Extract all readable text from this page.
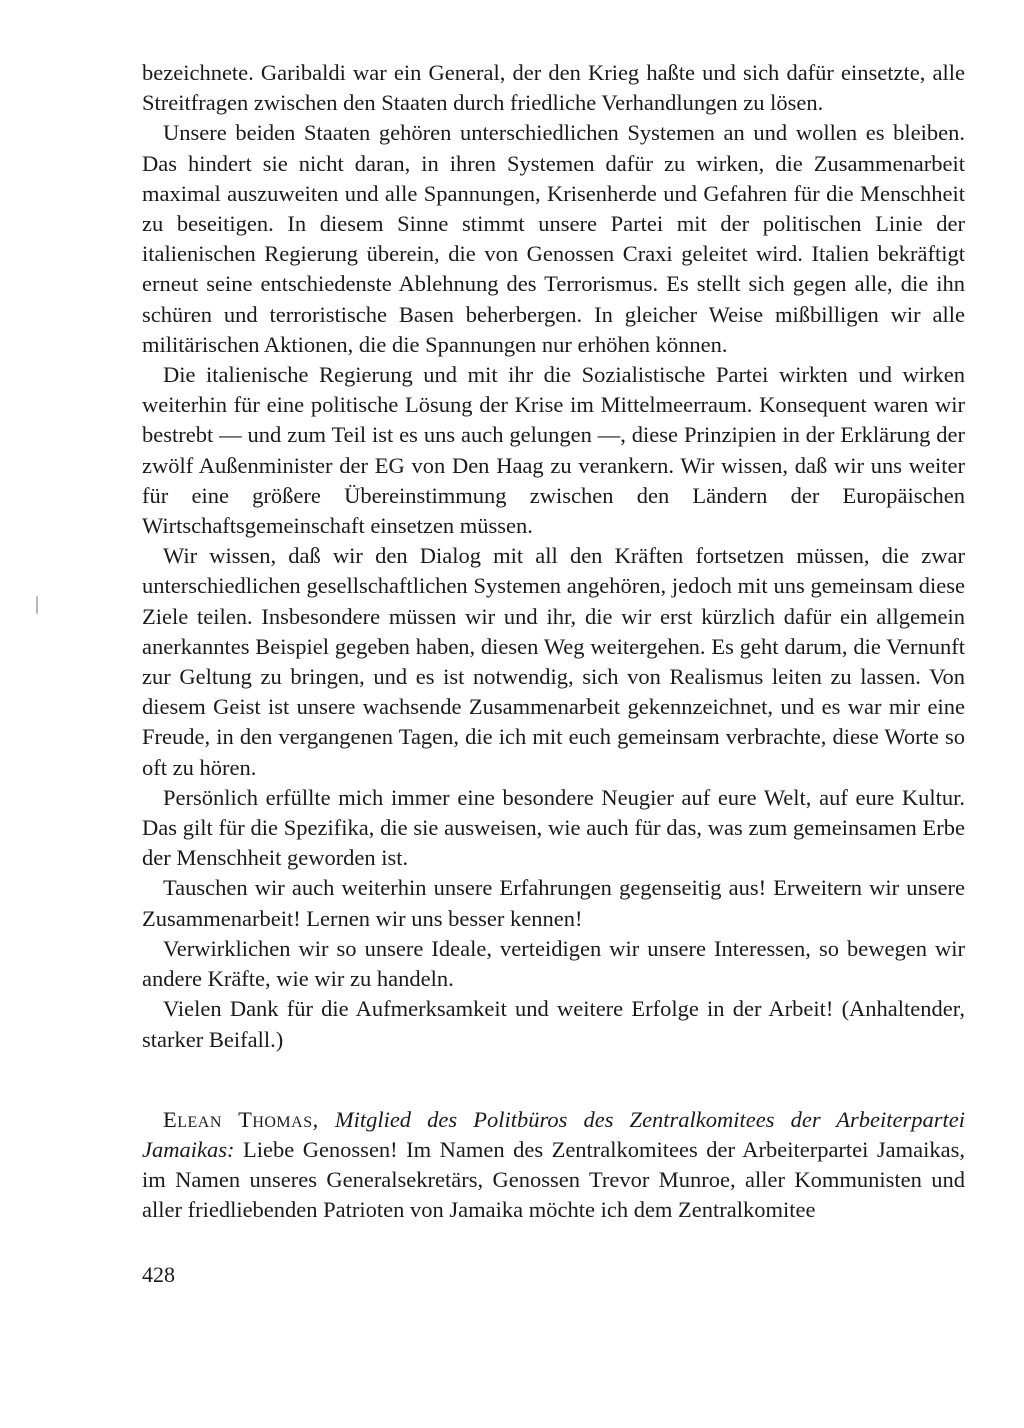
bezeichnete. Garibaldi war ein General, der den Krieg haßte und sich dafür einsetzte, alle Streitfragen zwischen den Staaten durch friedliche Verhandlungen zu lösen.

Unsere beiden Staaten gehören unterschiedlichen Systemen an und wollen es bleiben. Das hindert sie nicht daran, in ihren Systemen dafür zu wirken, die Zusammenarbeit maximal auszuweiten und alle Spannungen, Krisenherde und Gefahren für die Menschheit zu beseitigen. In diesem Sinne stimmt unsere Partei mit der politischen Linie der italienischen Regierung überein, die von Genossen Craxi geleitet wird. Italien bekräftigt erneut seine entschiedenste Ablehnung des Terrorismus. Es stellt sich gegen alle, die ihn schüren und terroristische Basen beherbergen. In gleicher Weise mißbilligen wir alle militärischen Aktionen, die die Spannungen nur erhöhen können.

Die italienische Regierung und mit ihr die Sozialistische Partei wirkten und wirken weiterhin für eine politische Lösung der Krise im Mittelmeerraum. Konsequent waren wir bestrebt — und zum Teil ist es uns auch gelungen —, diese Prinzipien in der Erklärung der zwölf Außenminister der EG von Den Haag zu verankern. Wir wissen, daß wir uns weiter für eine größere Übereinstimmung zwischen den Ländern der Europäischen Wirtschaftsgemeinschaft einsetzen müssen.

Wir wissen, daß wir den Dialog mit all den Kräften fortsetzen müssen, die zwar unterschiedlichen gesellschaftlichen Systemen angehören, jedoch mit uns gemeinsam diese Ziele teilen. Insbesondere müssen wir und ihr, die wir erst kürzlich dafür ein allgemein anerkanntes Beispiel gegeben haben, diesen Weg weitergehen. Es geht darum, die Vernunft zur Geltung zu bringen, und es ist notwendig, sich von Realismus leiten zu lassen. Von diesem Geist ist unsere wachsende Zusammenarbeit gekennzeichnet, und es war mir eine Freude, in den vergangenen Tagen, die ich mit euch gemeinsam verbrachte, diese Worte so oft zu hören.

Persönlich erfüllte mich immer eine besondere Neugier auf eure Welt, auf eure Kultur. Das gilt für die Spezifika, die sie ausweisen, wie auch für das, was zum gemeinsamen Erbe der Menschheit geworden ist.

Tauschen wir auch weiterhin unsere Erfahrungen gegenseitig aus! Erweitern wir unsere Zusammenarbeit! Lernen wir uns besser kennen!

Verwirklichen wir so unsere Ideale, verteidigen wir unsere Interessen, so bewegen wir andere Kräfte, wie wir zu handeln.

Vielen Dank für die Aufmerksamkeit und weitere Erfolge in der Arbeit! (Anhaltender, starker Beifall.)

Elean Thomas, Mitglied des Politbüros des Zentralkomitees der Arbeiterpartei Jamaikas: Liebe Genossen! Im Namen des Zentralkomitees der Arbeiterpartei Jamaikas, im Namen unseres Generalsekretärs, Genossen Trevor Munroe, aller Kommunisten und aller friedliebenden Patrioten von Jamaika möchte ich dem Zentralkomitee

428
